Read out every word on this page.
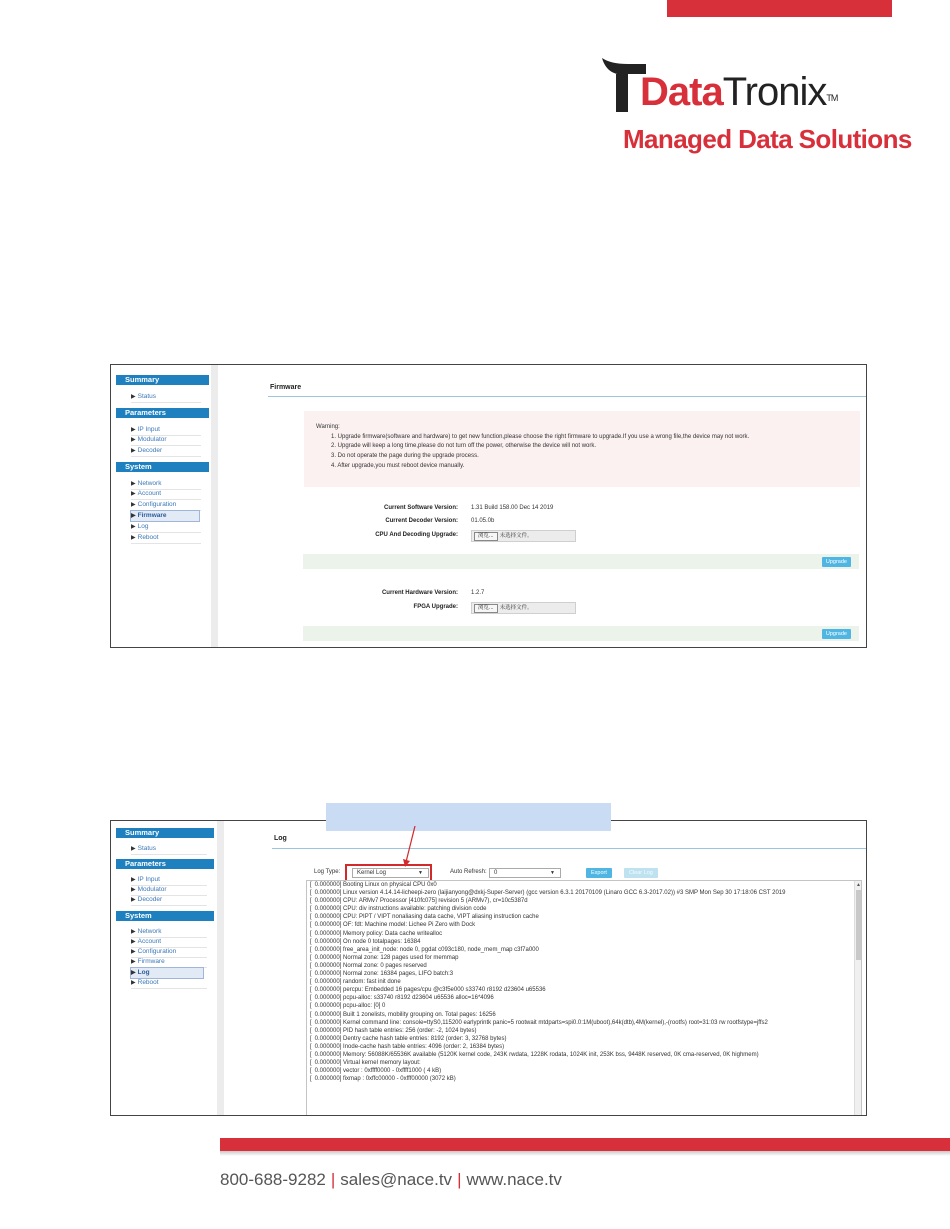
DataTronix™
Managed Data Solutions
Summary
▶ Status
Parameters
▶ IP Input
▶ Modulator
▶ Decoder
System
▶ Network
▶ Account
▶ Configuration
▶ Firmware
▶ Log
▶ Reboot
Firmware
Warning:
1. Upgrade firmware(software and hardware) to get new function,please choose the right firmware to upgrade.If you use a wrong file,the device may not work.
2. Upgrade will keep a long time,please do not turn off the power, otherwise the device will not work.
3. Do not operate the page during the upgrade process.
4. After upgrade,you must reboot device manually.
Current Software Version: 1.31 Build 158.00 Dec 14 2019
Current Decoder Version: 01.05.0b
CPU And Decoding Upgrade:	浏览... 未选择文件。
Upgrade
Current Hardware Version: 1.2.7
FPGA Upgrade:	浏览... 未选择文件。
Upgrade
Summary
▶ Status
Parameters
▶ IP Input
▶ Modulator
▶ Decoder
System
▶ Network
▶ Account
▶ Configuration
▶ Firmware
▶ Log
▶ Reboot
Log
Log Type:	Kernel Log	▼	Auto Refresh:	0	▼	Export	Clear Log
[ 0.000000] Booting Linux on physical CPU 0x0
[ 0.000000] Linux version 4.14.14-licheepi-zero (laijianyong@dxkj-Super-Server) (gcc version 6.3.1 20170109 (Linaro GCC 6.3-2017.02)) #3 SMP Mon Sep 30 17:18:06 CST 2019
[ 0.000000] CPU: ARMv7 Processor [410fc075] revision 5 (ARMv7), cr=10c5387d
[ 0.000000] CPU: div instructions available: patching division code
[ 0.000000] CPU: PIPT / VIPT nonaliasing data cache, VIPT aliasing instruction cache
[ 0.000000] OF: fdt: Machine model: Lichee Pi Zero with Dock
[ 0.000000] Memory policy: Data cache writealloc
[ 0.000000] On node 0 totalpages: 16384
[ 0.000000] free_area_init_node: node 0, pgdat c093c180, node_mem_map c3f7a000
[ 0.000000] Normal zone: 128 pages used for memmap
[ 0.000000] Normal zone: 0 pages reserved
[ 0.000000] Normal zone: 16384 pages, LIFO batch:3
[ 0.000000] random: fast init done
[ 0.000000] percpu: Embedded 16 pages/cpu @c3f5e000 s33740 r8192 d23604 u65536
[ 0.000000] pcpu-alloc: s33740 r8192 d23604 u65536 alloc=16*4096
[ 0.000000] pcpu-alloc: [0] 0
[ 0.000000] Built 1 zonelists, mobility grouping on. Total pages: 16256
[ 0.000000] Kernel command line: console=ttyS0,115200 earlyprintk panic=5 rootwait mtdparts=spi0.0:1M(uboot),64k(dtb),4M(kernel),-(rootfs) root=31:03 rw rootfstype=jffs2
[ 0.000000] PID hash table entries: 256 (order: -2, 1024 bytes)
[ 0.000000] Dentry cache hash table entries: 8192 (order: 3, 32768 bytes)
[ 0.000000] Inode-cache hash table entries: 4096 (order: 2, 16384 bytes)
[ 0.000000] Memory: 56088K/65536K available (5120K kernel code, 243K rwdata, 1228K rodata, 1024K init, 253K bss, 9448K reserved, 0K cma-reserved, 0K highmem)
[ 0.000000] Virtual kernel memory layout:
[ 0.000000] vector : 0xffff0000 - 0xffff1000 ( 4 kB)
[ 0.000000] fixmap : 0xffc00000 - 0xfff00000 (3072 kB)
▲
800-688-9282 | sales@nace.tv | www.nace.tv
